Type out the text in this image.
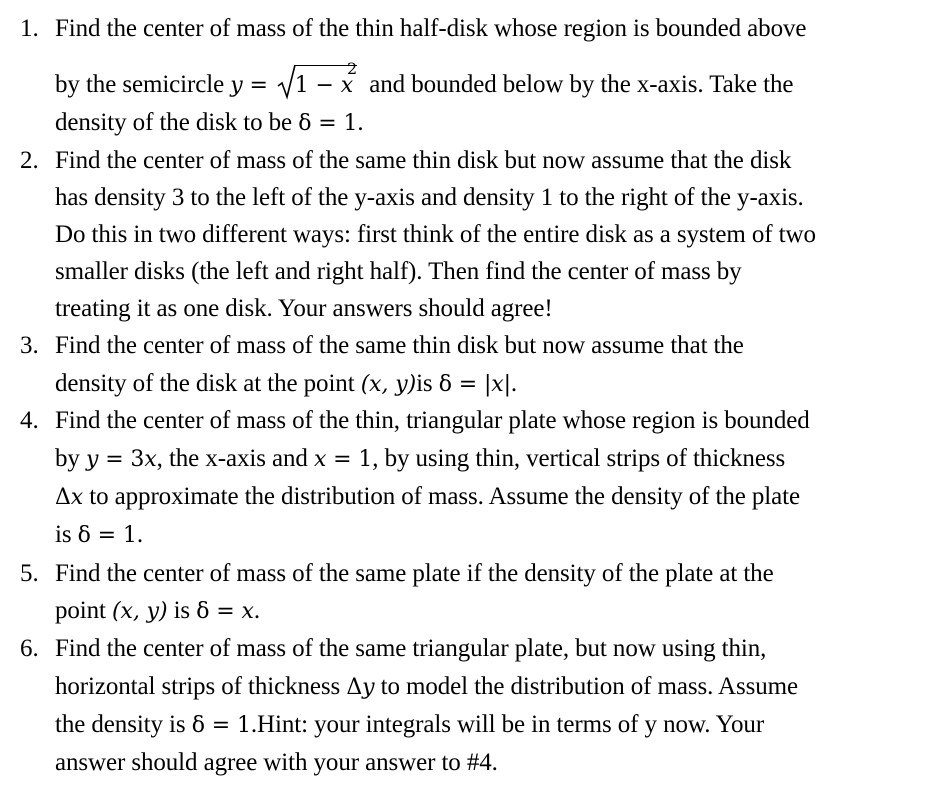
1. Find the center of mass of the thin half-disk whose region is bounded above
by the semicircle y =
$1 - x^2$ and bounded below by the x-axis. Take the
density of the disk to be δ = 1.
2. Find the center of mass of the same thin disk but now assume that the disk
has density 3 to the left of the y-axis and density 1 to the right of the y-axis.
Do this in two different ways: first think of the entire disk as a system of two
smaller disks (the left and right half). Then find the center of mass by
treating it as one disk. Your answers should agree!
3. Find the center of mass of the same thin disk but now assume that the
density of the disk at the point (x, y)is δ = |x|.
4. Find the center of mass of the thin, triangular plate whose region is bounded
by y = 3x, the x-axis and x = 1, by using thin, vertical strips of thickness
Δx to approximate the distribution of mass. Assume the density of the plate
is δ = 1.
5. Find the center of mass of the same plate if the density of the plate at the
point (x, y) is δ = x.
6. Find the center of mass of the same triangular plate, but now using thin,
horizontal strips of thickness Δy to model the distribution of mass. Assume
the density is δ = 1.Hint: your integrals will be in terms of y now. Your
answer should agree with your answer to #4.
